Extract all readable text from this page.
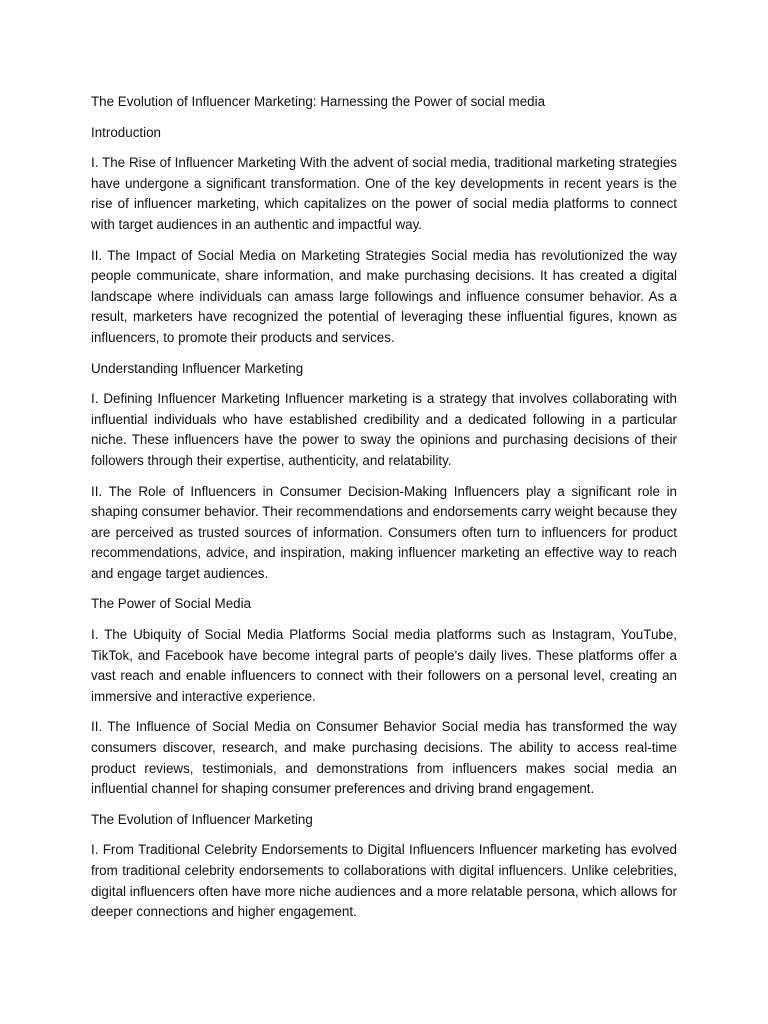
The Evolution of Influencer Marketing: Harnessing the Power of social media

Introduction

I. The Rise of Influencer Marketing With the advent of social media, traditional marketing strategies have undergone a significant transformation. One of the key developments in recent years is the rise of influencer marketing, which capitalizes on the power of social media platforms to connect with target audiences in an authentic and impactful way.

II. The Impact of Social Media on Marketing Strategies Social media has revolutionized the way people communicate, share information, and make purchasing decisions. It has created a digital landscape where individuals can amass large followings and influence consumer behavior. As a result, marketers have recognized the potential of leveraging these influential figures, known as influencers, to promote their products and services.

Understanding Influencer Marketing

I. Defining Influencer Marketing Influencer marketing is a strategy that involves collaborating with influential individuals who have established credibility and a dedicated following in a particular niche. These influencers have the power to sway the opinions and purchasing decisions of their followers through their expertise, authenticity, and relatability.

II. The Role of Influencers in Consumer Decision-Making Influencers play a significant role in shaping consumer behavior. Their recommendations and endorsements carry weight because they are perceived as trusted sources of information. Consumers often turn to influencers for product recommendations, advice, and inspiration, making influencer marketing an effective way to reach and engage target audiences.

The Power of Social Media

I. The Ubiquity of Social Media Platforms Social media platforms such as Instagram, YouTube, TikTok, and Facebook have become integral parts of people's daily lives. These platforms offer a vast reach and enable influencers to connect with their followers on a personal level, creating an immersive and interactive experience.

II. The Influence of Social Media on Consumer Behavior Social media has transformed the way consumers discover, research, and make purchasing decisions. The ability to access real-time product reviews, testimonials, and demonstrations from influencers makes social media an influential channel for shaping consumer preferences and driving brand engagement.

The Evolution of Influencer Marketing

I. From Traditional Celebrity Endorsements to Digital Influencers Influencer marketing has evolved from traditional celebrity endorsements to collaborations with digital influencers. Unlike celebrities, digital influencers often have more niche audiences and a more relatable persona, which allows for deeper connections and higher engagement.
